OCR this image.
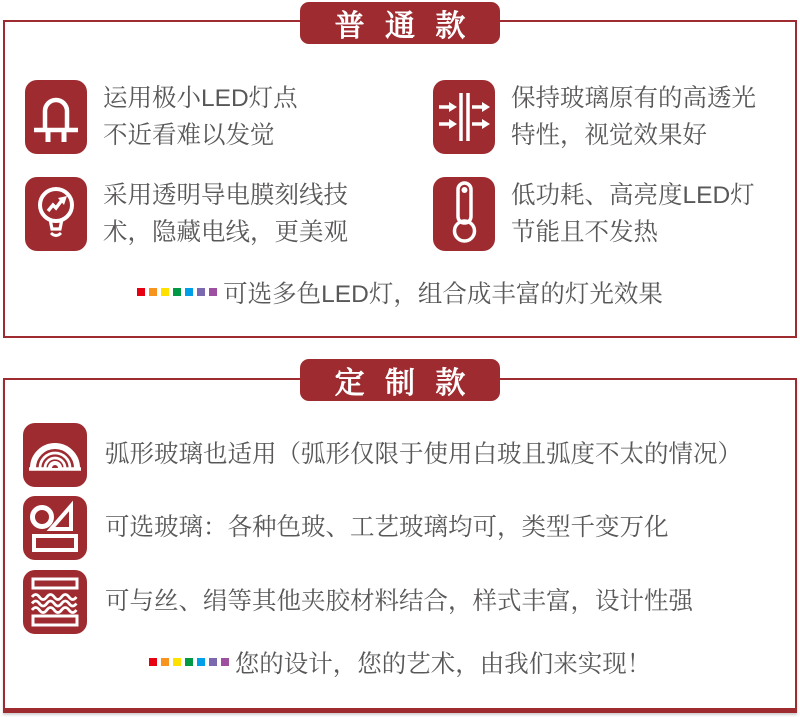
普 通 款
运用极小LED灯点
不近看难以发觉
保持玻璃原有的高透光
特性，视觉效果好
采用透明导电膜刻线技
术，隐藏电线，更美观
低功耗、高亮度LED灯
节能且不发热
可选多色LED灯，组合成丰富的灯光效果
定 制 款
弧形玻璃也适用（弧形仅限于使用白玻且弧度不太的情况）
可选玻璃：各种色玻、工艺玻璃均可，类型千变万化
可与丝、绢等其他夹胶材料结合，样式丰富，设计性强
您的设计，您的艺术，由我们来实现！
